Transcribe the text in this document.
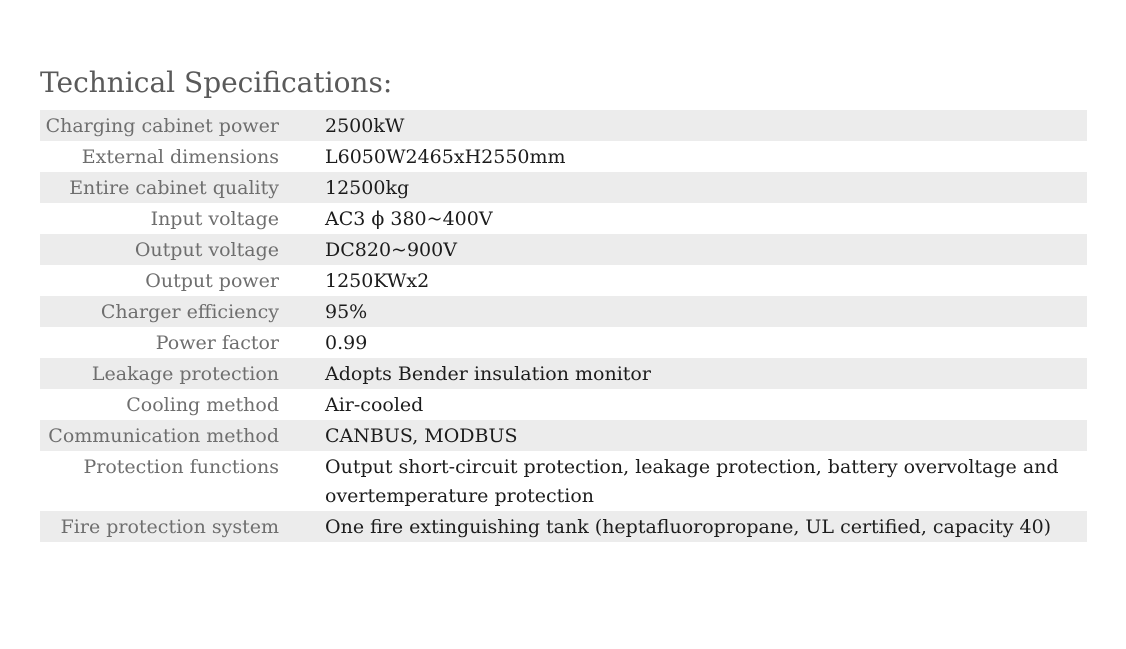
Technical Specifications:
Charging cabinet power	2500kW
External dimensions	L6050W2465xH2550mm
Entire cabinet quality	12500kg
Input voltage	AC3 ϕ 380~400V
Output voltage	DC820~900V
Output power	1250KWx2
Charger efficiency	95%
Power factor	0.99
Leakage protection	Adopts Bender insulation monitor
Cooling method	Air-cooled
Communication method	CANBUS, MODBUS
Protection functions	Output short-circuit protection, leakage protection, battery overvoltage and overtemperature protection
Fire protection system	One fire extinguishing tank (heptafluoropropane, UL certified, capacity 40)
